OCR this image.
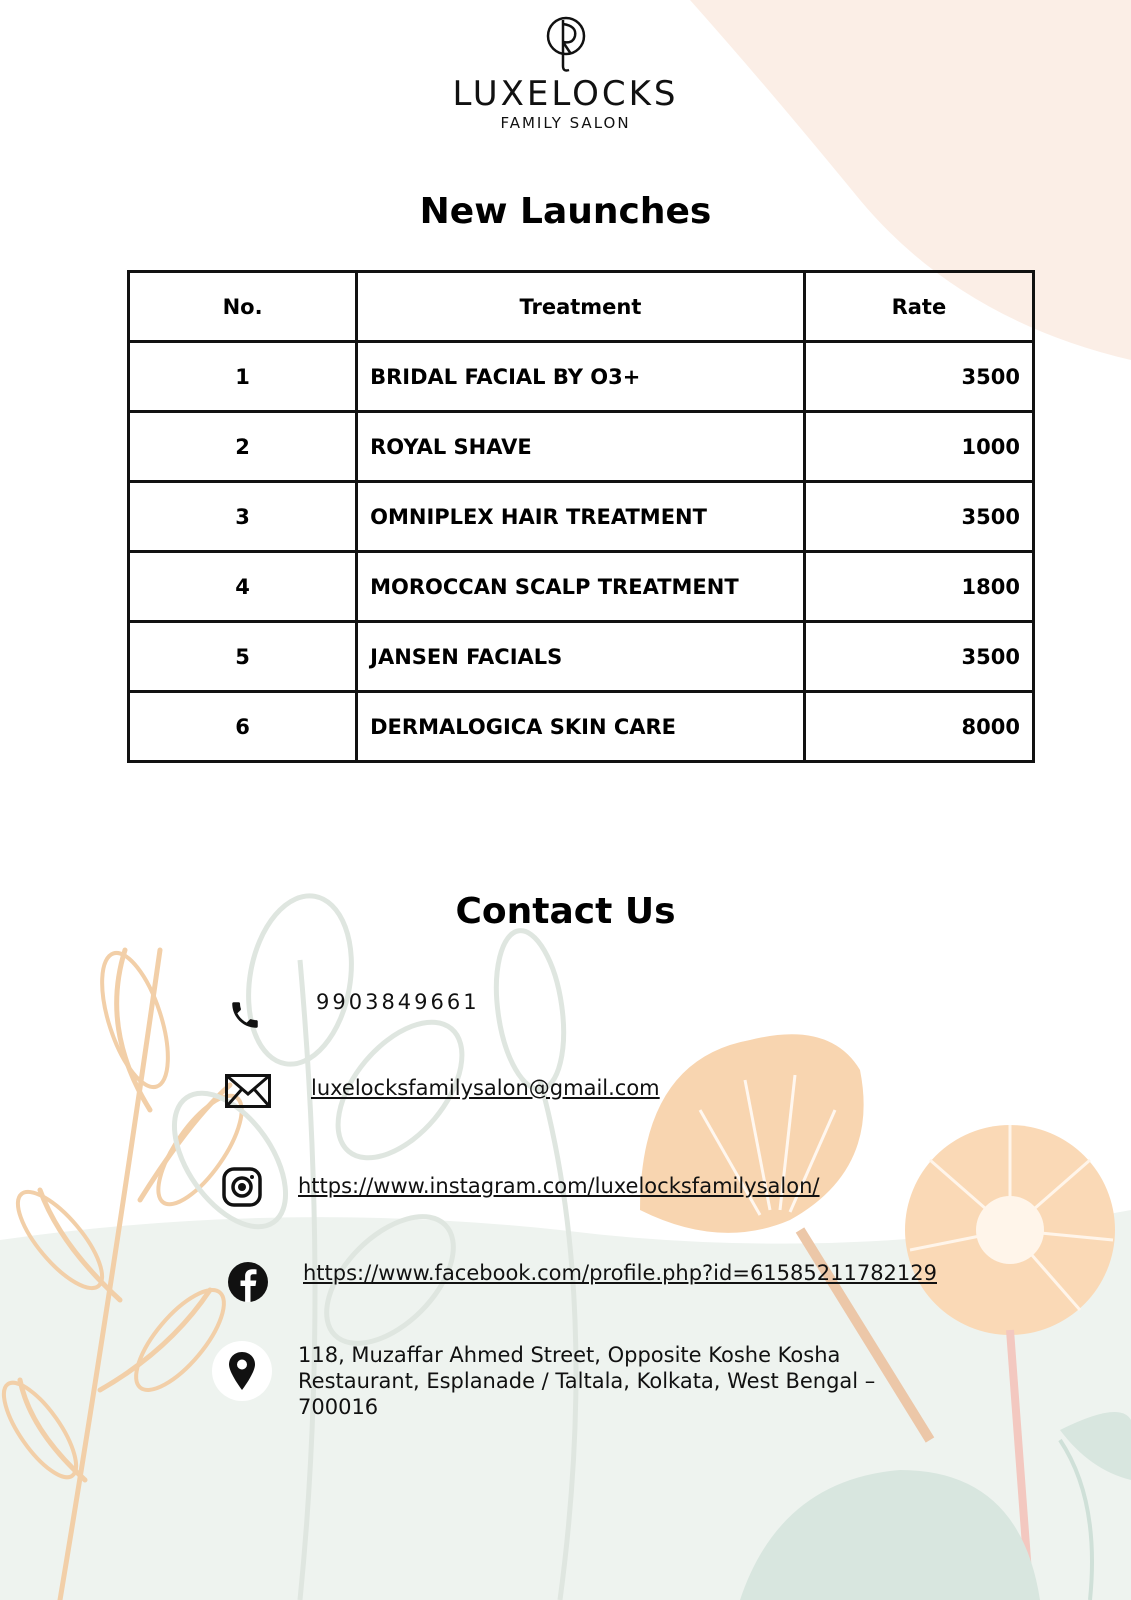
LUXELOCKS
FAMILY SALON
New Launches
No.	Treatment	Rate
1	BRIDAL FACIAL BY O3+	3500
2	ROYAL SHAVE	1000
3	OMNIPLEX HAIR TREATMENT	3500
4	MOROCCAN SCALP TREATMENT	1800
5	JANSEN FACIALS	3500
6	DERMALOGICA SKIN CARE	8000
Contact Us
9903849661
luxelocksfamilysalon@gmail.com
https://www.instagram.com/luxelocksfamilysalon/
https://www.facebook.com/profile.php?id=61585211782129
118, Muzaffar Ahmed Street, Opposite Koshe Kosha Restaurant, Esplanade / Taltala, Kolkata, West Bengal – 700016
